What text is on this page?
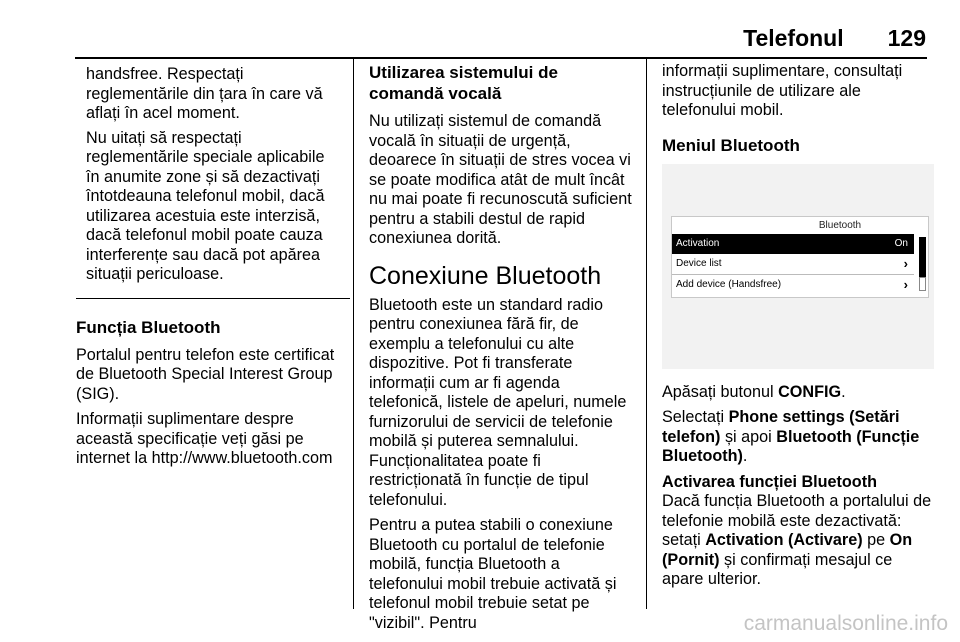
Telefonul 129

handsfree. Respectați reglementările din țara în care vă aflați în acel moment.

Nu uitați să respectați reglementările speciale aplicabile în anumite zone și să dezactivați întotdeauna telefonul mobil, dacă utilizarea acestuia este interzisă, dacă telefonul mobil poate cauza interferențe sau dacă pot apărea situații periculoase.

Funcția Bluetooth

Portalul pentru telefon este certificat de Bluetooth Special Interest Group (SIG).

Informații suplimentare despre această specificație veți găsi pe internet la http://www.bluetooth.com

Utilizarea sistemului de comandă vocală

Nu utilizați sistemul de comandă vocală în situații de urgență, deoarece în situații de stres vocea vi se poate modifica atât de mult încât nu mai poate fi recunoscută suficient pentru a stabili destul de rapid conexiunea dorită.

Conexiune Bluetooth

Bluetooth este un standard radio pentru conexiunea fără fir, de exemplu a telefonului cu alte dispozitive. Pot fi transferate informații cum ar fi agenda telefonică, listele de apeluri, numele furnizorului de servicii de telefonie mobilă și puterea semnalului. Funcționalitatea poate fi restricționată în funcție de tipul telefonului.

Pentru a putea stabili o conexiune Bluetooth cu portalul de telefonie mobilă, funcția Bluetooth a telefonului mobil trebuie activată și telefonul mobil trebuie setat pe "vizibil". Pentru

informații suplimentare, consultați instrucțiunile de utilizare ale telefonului mobil.

Meniul Bluetooth
Bluetooth
Activation	On
Device list	›
Add device (Handsfree)	›

Apăsați butonul CONFIG.

Selectați Phone settings (Setări telefon) și apoi Bluetooth (Funcție Bluetooth).

Activarea funcției Bluetooth

Dacă funcția Bluetooth a portalului de telefonie mobilă este dezactivată:

setați Activation (Activare) pe On (Pornit) și confirmați mesajul ce apare ulterior.

carmanualsonline.info
